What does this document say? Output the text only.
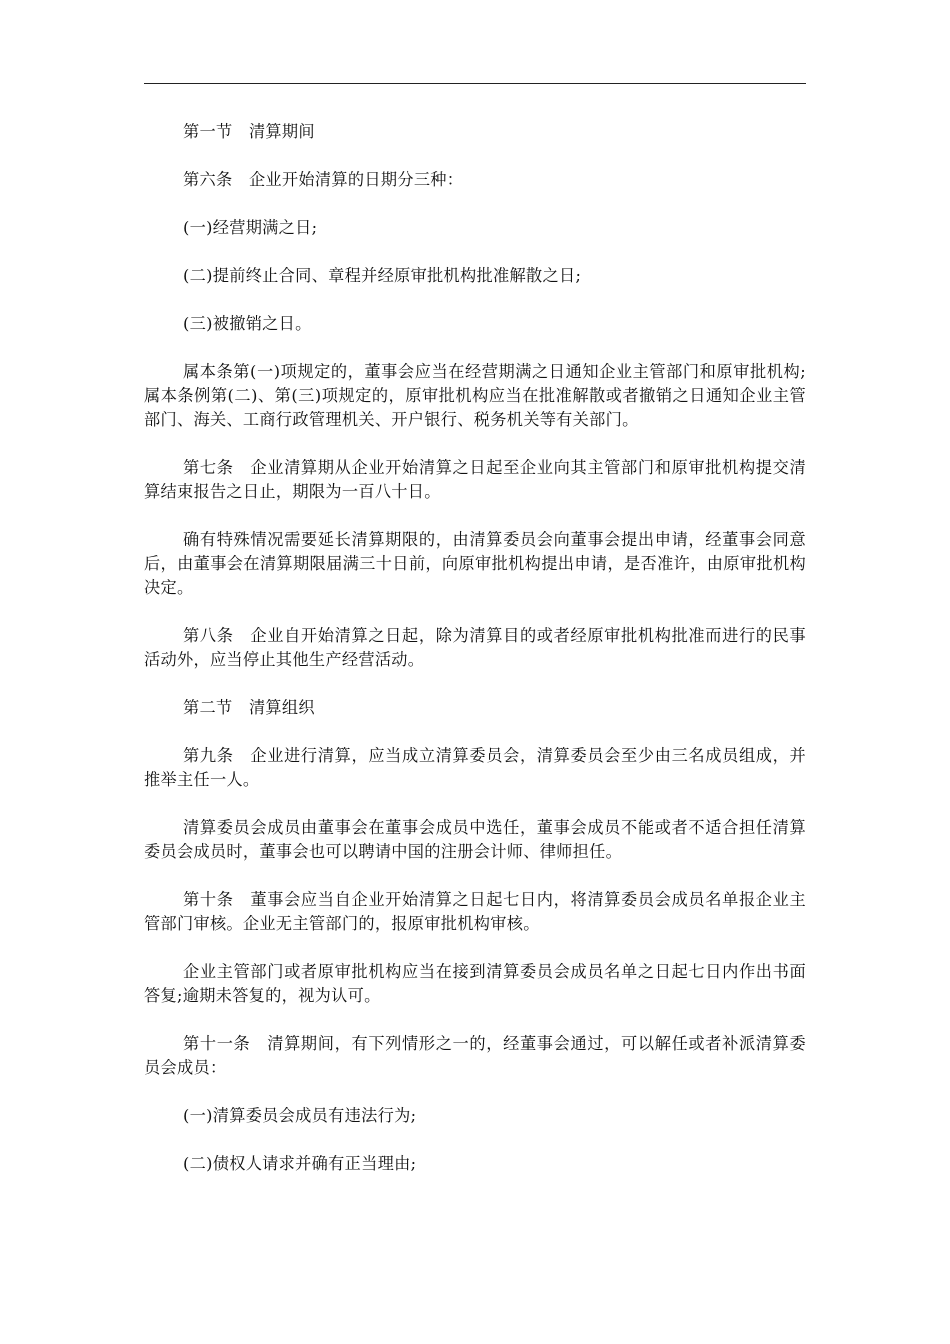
第一节　清算期间

第六条　企业开始清算的日期分三种：

(一)经营期满之日;

(二)提前终止合同、章程并经原审批机构批准解散之日;

(三)被撤销之日。

属本条第(一)项规定的，董事会应当在经营期满之日通知企业主管部门和原审批机构;属本条例第(二)、第(三)项规定的，原审批机构应当在批准解散或者撤销之日通知企业主管部门、海关、工商行政管理机关、开户银行、税务机关等有关部门。

第七条　企业清算期从企业开始清算之日起至企业向其主管部门和原审批机构提交清算结束报告之日止，期限为一百八十日。

确有特殊情况需要延长清算期限的，由清算委员会向董事会提出申请，经董事会同意后，由董事会在清算期限届满三十日前，向原审批机构提出申请，是否准许，由原审批机构决定。

第八条　企业自开始清算之日起，除为清算目的或者经原审批机构批准而进行的民事活动外，应当停止其他生产经营活动。

第二节　清算组织

第九条　企业进行清算，应当成立清算委员会，清算委员会至少由三名成员组成，并推举主任一人。

清算委员会成员由董事会在董事会成员中选任，董事会成员不能或者不适合担任清算委员会成员时，董事会也可以聘请中国的注册会计师、律师担任。

第十条　董事会应当自企业开始清算之日起七日内，将清算委员会成员名单报企业主管部门审核。企业无主管部门的，报原审批机构审核。

企业主管部门或者原审批机构应当在接到清算委员会成员名单之日起七日内作出书面答复;逾期未答复的，视为认可。

第十一条　清算期间，有下列情形之一的，经董事会通过，可以解任或者补派清算委员会成员：

(一)清算委员会成员有违法行为;

(二)债权人请求并确有正当理由;
